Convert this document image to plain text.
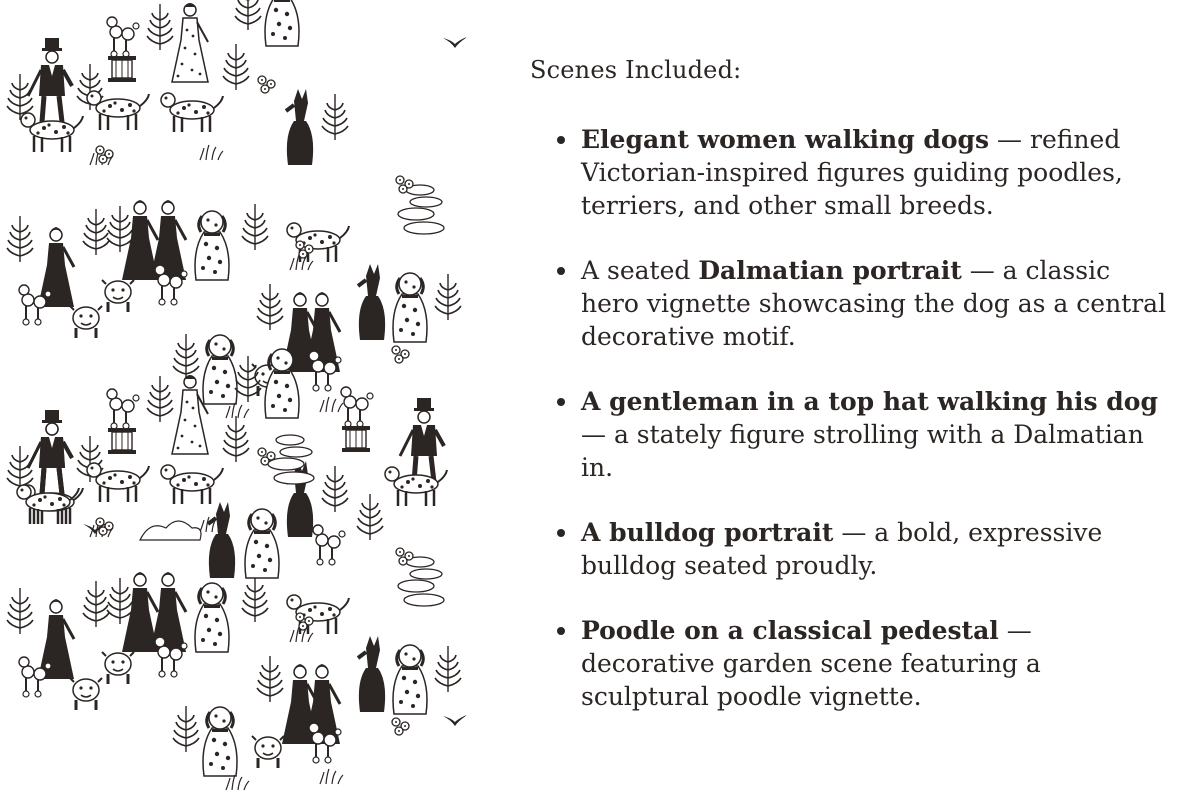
Scenes Included:
Elegant women walking dogs — refined Victorian-inspired figures guiding poodles, terriers, and other small breeds.
A seated Dalmatian portrait — a classic hero vignette showcasing the dog as a central decorative motif.
A gentleman in a top hat walking his dog — a stately figure strolling with a Dalmatian in.
A bulldog portrait — a bold, expressive bulldog seated proudly.
Poodle on a classical pedestal — decorative garden scene featuring a sculptural poodle vignette.
